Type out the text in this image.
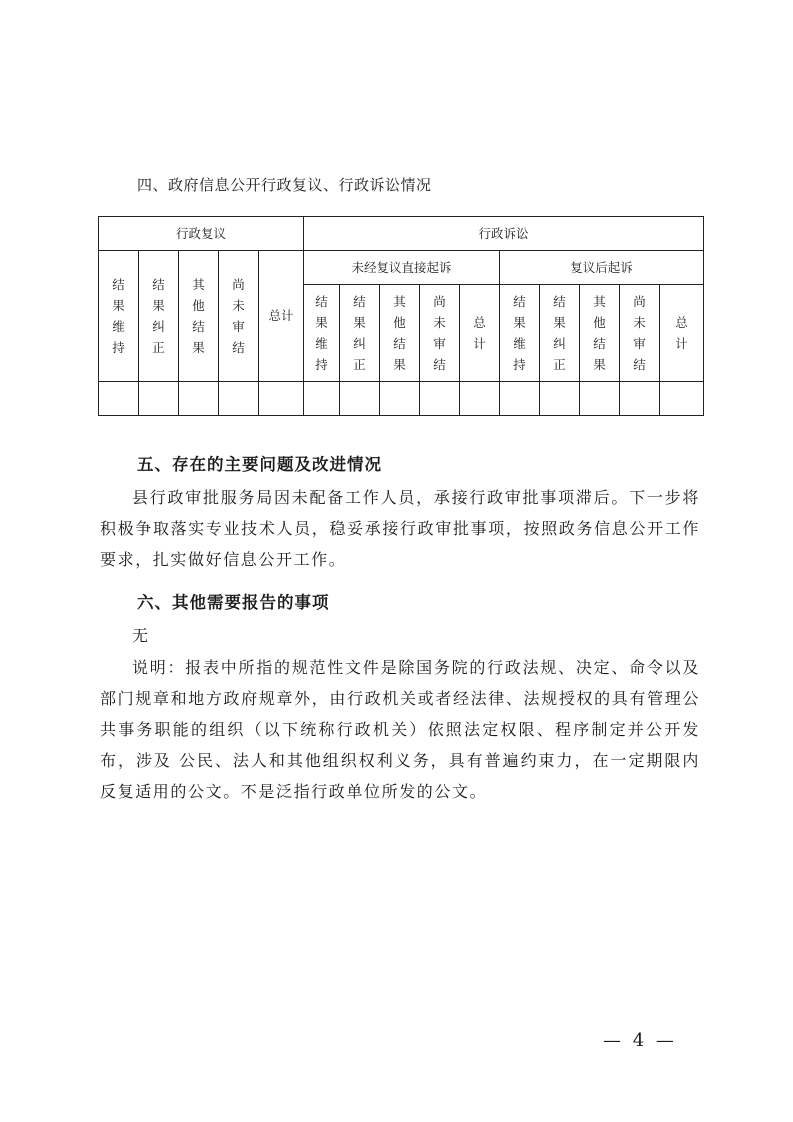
四、政府信息公开行政复议、行政诉讼情况
行政复议					行政诉讼									
结果维持	结果纠正	其他结果	尚未审结	总计	未经复议直接起诉					复议后起诉				
					结果维持	结果纠正	其他结果	尚未审结	总计	结果维持	结果纠正	其他结果	尚未审结	总计

五、存在的主要问题及改进情况
县行政审批服务局因未配备工作人员，承接行政审批事项滞后。下一步将积极争取落实专业技术人员，稳妥承接行政审批事项，按照政务信息公开工作要求，扎实做好信息公开工作。
六、其他需要报告的事项
无
说明：报表中所指的规范性文件是除国务院的行政法规、决定、命令以及部门规章和地方政府规章外，由行政机关或者经法律、法规授权的具有管理公共事务职能的组织（以下统称行政机关）依照法定权限、程序制定并公开发布，涉及 公民、法人和其他组织权利义务，具有普遍约束力，在一定期限内反复适用的公文。不是泛指行政单位所发的公文。
— 4 —
